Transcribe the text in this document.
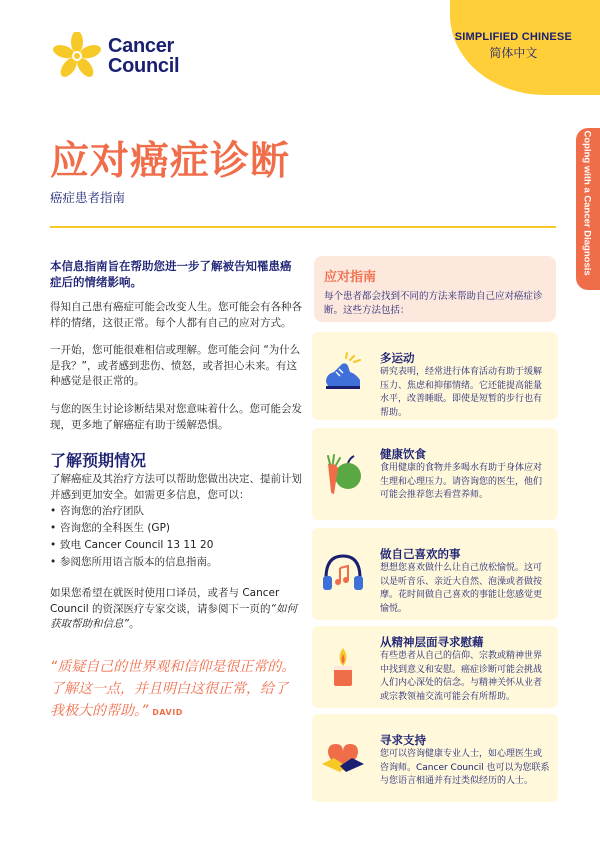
Cancer
Council
SIMPLIFIED CHINESE
简体中文
Coping with a Cancer Diagnosis
应对癌症诊断
癌症患者指南
本信息指南旨在帮助您进一步了解被告知罹患癌症后的情绪影响。
得知自己患有癌症可能会改变人生。您可能会有各种各样的情绪，这很正常。每个人都有自己的应对方式。
一开始，您可能很难相信或理解。您可能会问 “为什么是我？”，或者感到悲伤、愤怒，或者担心未来。有这种感觉是很正常的。
与您的医生讨论诊断结果对您意味着什么。您可能会发现，更多地了解癌症有助于缓解恐惧。
了解预期情况
了解癌症及其治疗方法可以帮助您做出决定、提前计划并感到更加安全。如需更多信息，您可以：
• 咨询您的治疗团队
• 咨询您的全科医生 (GP)
• 致电 Cancer Council 13 11 20
• 参阅您所用语言版本的信息指南。
如果您希望在就医时使用口译员，或者与 Cancer Council 的资深医疗专家交谈，请参阅下一页的“如何获取帮助和信息”。
“质疑自己的世界观和信仰是很正常的。了解这一点，并且明白这很正常，给了我极大的帮助。” DAVID
应对指南
每个患者都会找到不同的方法来帮助自己应对癌症诊断。这些方法包括：
多运动
研究表明，经常进行体育活动有助于缓解压力、焦虑和抑郁情绪。它还能提高能量水平，改善睡眠。即使是短暂的步行也有帮助。
健康饮食
食用健康的食物并多喝水有助于身体应对生理和心理压力。请咨询您的医生，他们可能会推荐您去看营养师。
做自己喜欢的事
想想您喜欢做什么让自己放松愉悦。这可以是听音乐、亲近大自然、泡澡或者做按摩。花时间做自己喜欢的事能让您感觉更愉悦。
从精神层面寻求慰藉
有些患者从自己的信仰、宗教或精神世界中找到意义和安慰。癌症诊断可能会挑战人们内心深处的信念。与精神关怀从业者或宗教领袖交流可能会有所帮助。
寻求支持
您可以咨询健康专业人士，如心理医生或咨询师。Cancer Council 也可以为您联系与您语言相通并有过类似经历的人士。
